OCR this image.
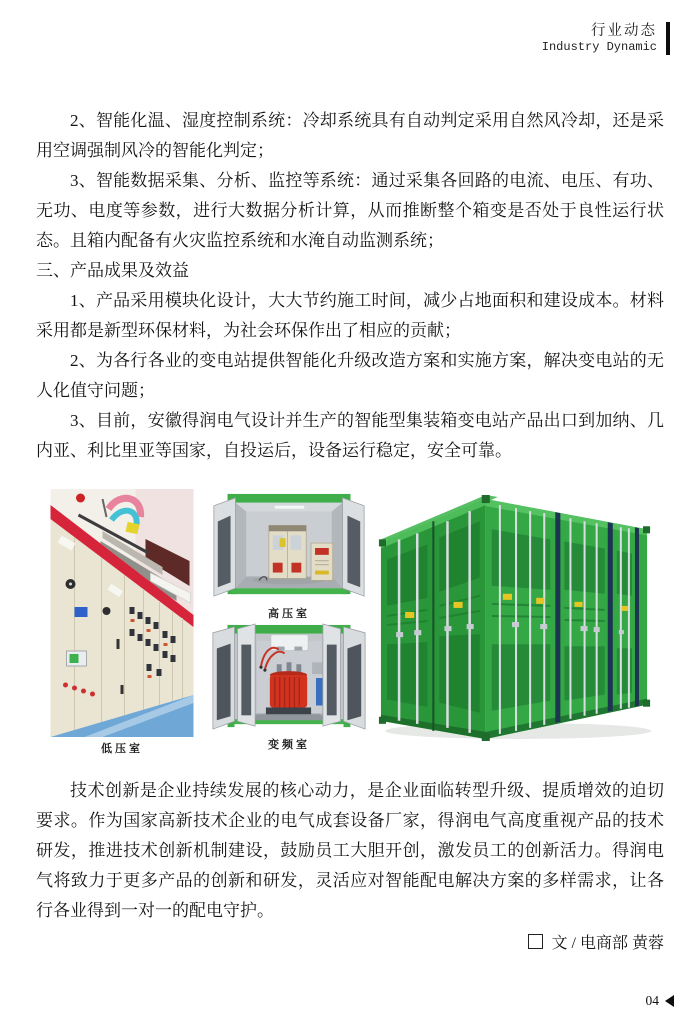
行业动态
Industry Dynamic

2、智能化温、湿度控制系统：冷却系统具有自动判定采用自然风冷却，还是采用空调强制风冷的智能化判定；

3、智能数据采集、分析、监控等系统：通过采集各回路的电流、电压、有功、无功、电度等参数，进行大数据分析计算，从而推断整个箱变是否处于良性运行状态。且箱内配备有火灾监控系统和水淹自动监测系统；

三、产品成果及效益

1、产品采用模块化设计，大大节约施工时间，减少占地面积和建设成本。材料采用都是新型环保材料，为社会环保作出了相应的贡献；

2、为各行各业的变电站提供智能化升级改造方案和实施方案，解决变电站的无人化值守问题；

3、目前，安徽得润电气设计并生产的智能型集装箱变电站产品出口到加纳、几内亚、利比里亚等国家，自投运后，设备运行稳定，安全可靠。

低压室
高压室
变频室

技术创新是企业持续发展的核心动力，是企业面临转型升级、提质增效的迫切要求。作为国家高新技术企业的电气成套设备厂家，得润电气高度重视产品的技术研发，推进技术创新机制建设，鼓励员工大胆开创，激发员工的创新活力。得润电气将致力于更多产品的创新和研发，灵活应对智能配电解决方案的多样需求，让各行各业得到一对一的配电守护。

文 / 电商部 黄蓉
04
